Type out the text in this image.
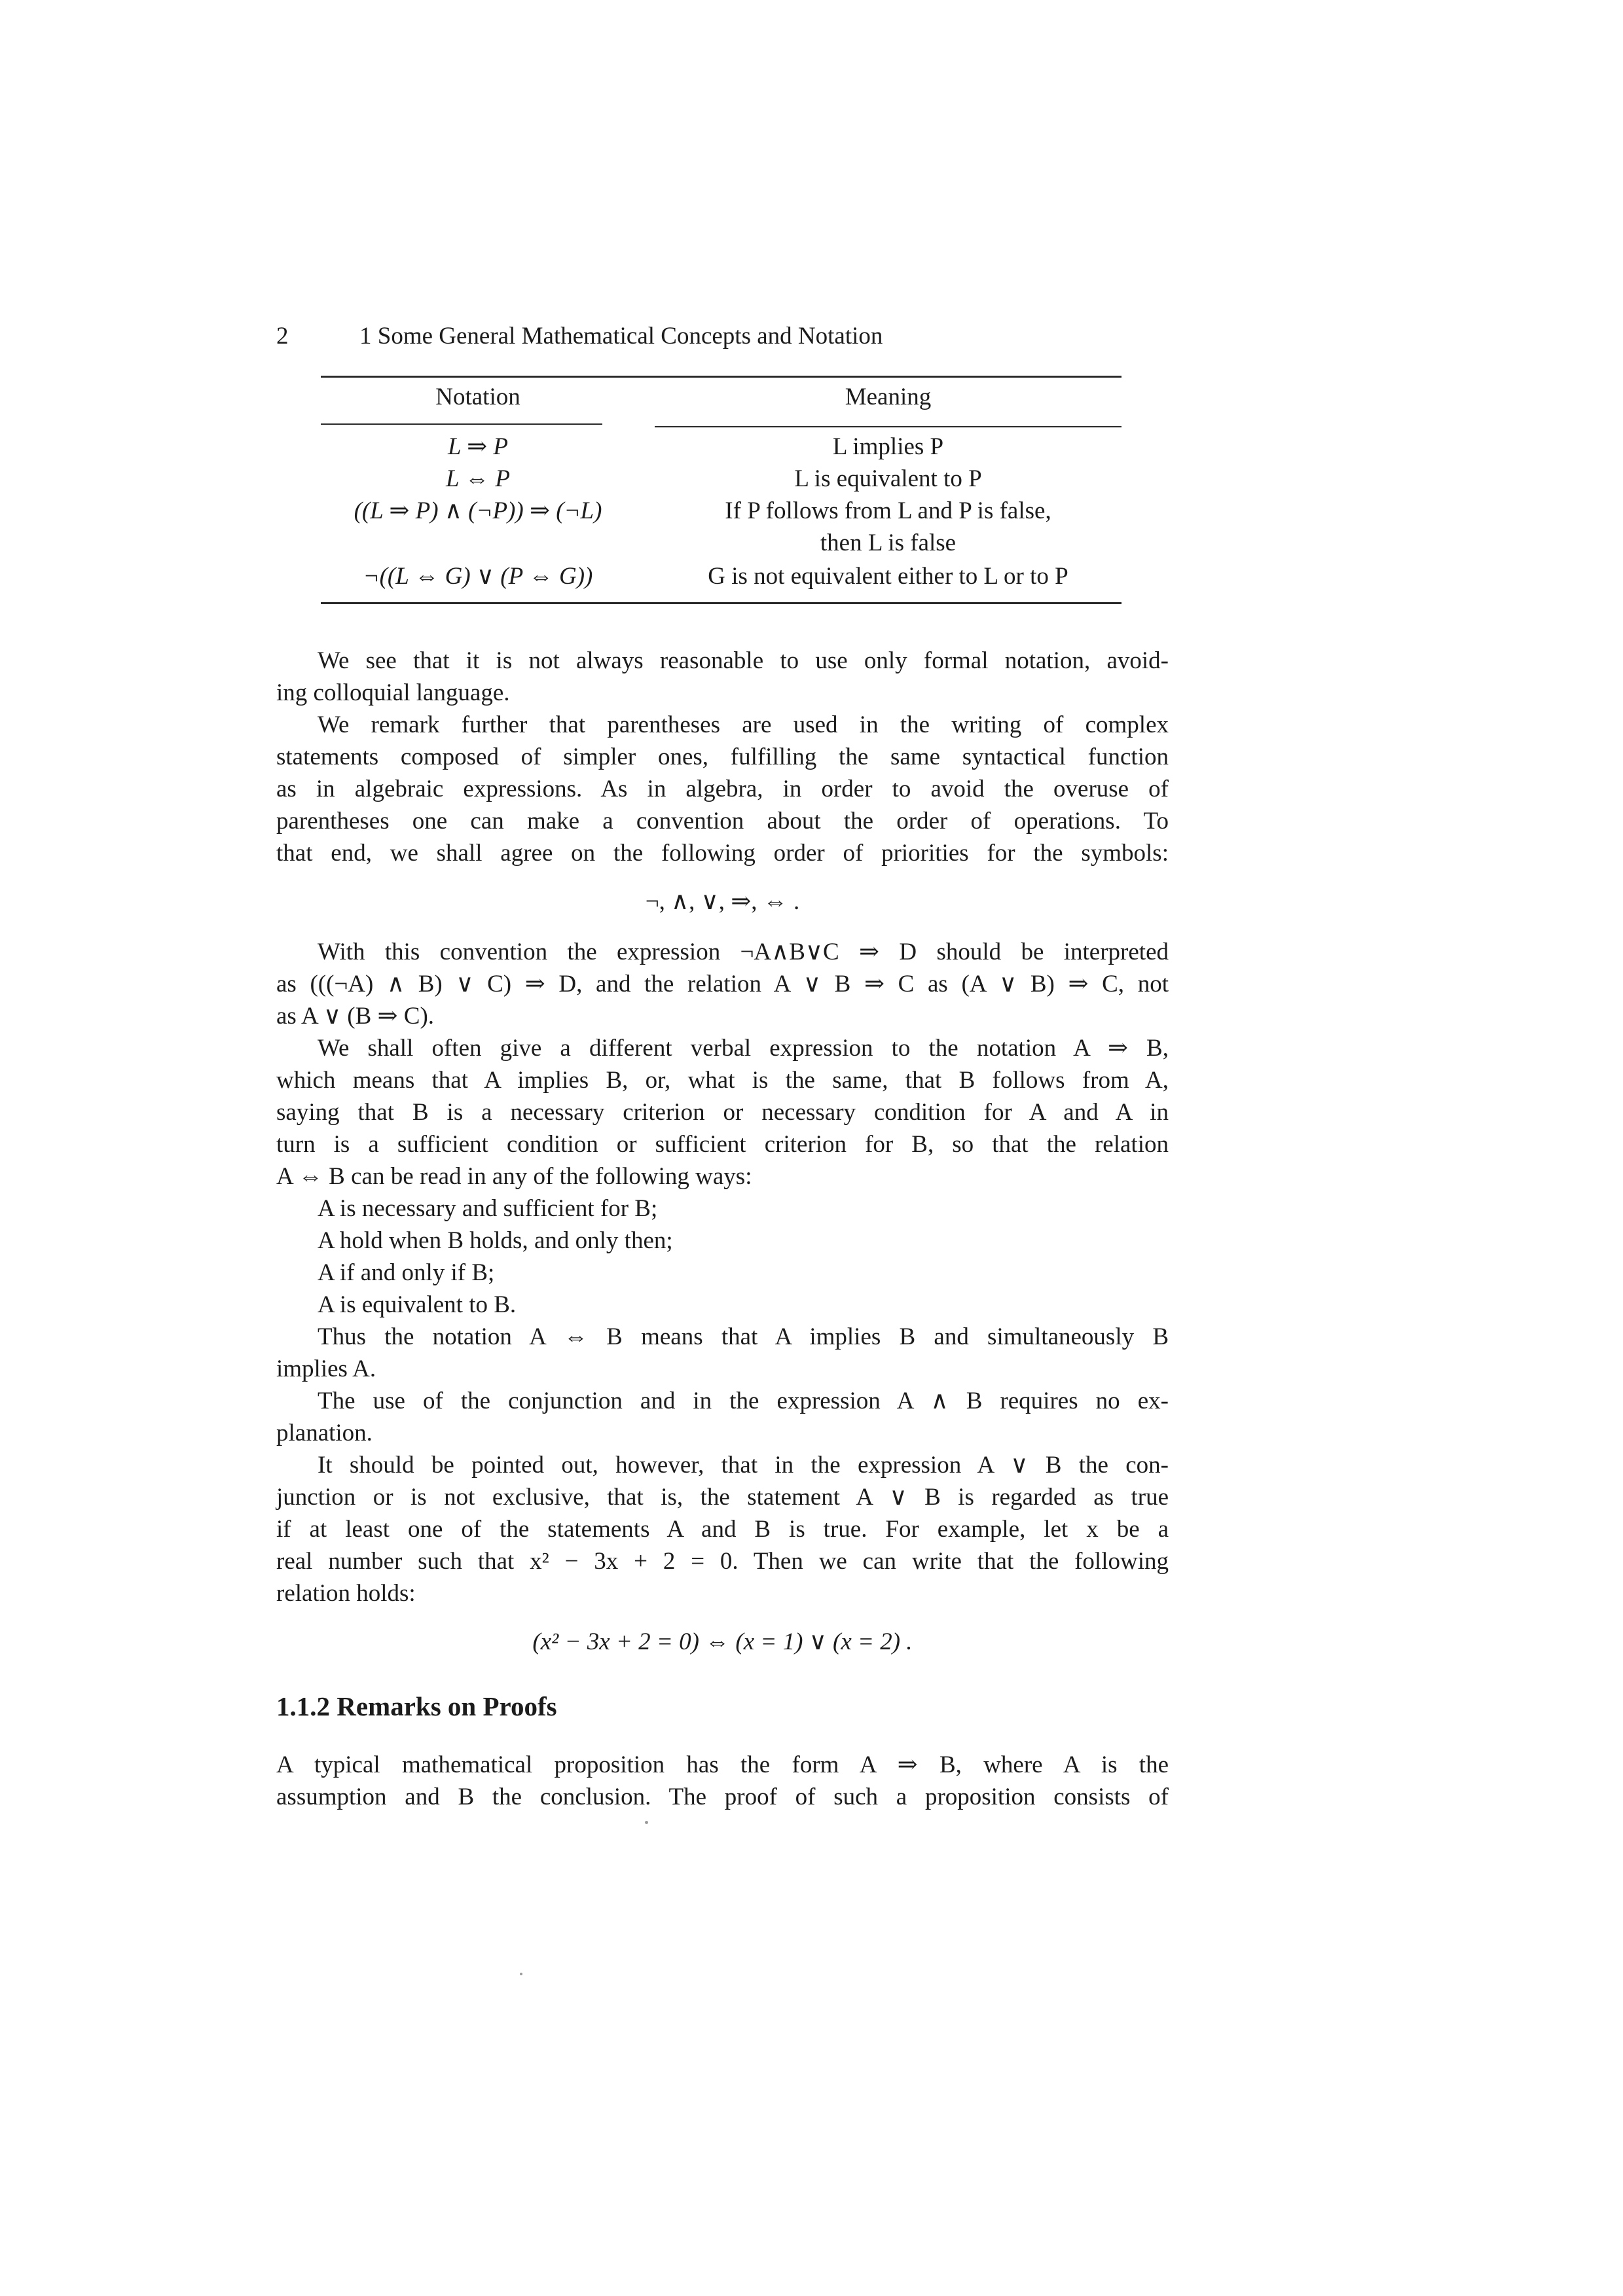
2	1 Some General Mathematical Concepts and Notation
Notation	Meaning
L ⇒ P	L implies P
L ⇔ P	L is equivalent to P
((L ⇒ P) ∧ (¬P)) ⇒ (¬L)	If P follows from L and P is false,
then L is false
¬((L ⇔ G) ∨ (P ⇔ G))	G is not equivalent either to L or to P
We see that it is not always reasonable to use only formal notation, avoid-
ing colloquial language.
We remark further that parentheses are used in the writing of complex
statements composed of simpler ones, fulfilling the same syntactical function
as in algebraic expressions. As in algebra, in order to avoid the overuse of
parentheses one can make a convention about the order of operations. To
that end, we shall agree on the following order of priorities for the symbols:
¬, ∧, ∨, ⇒, ⇔ .
With this convention the expression ¬A∧B∨C ⇒ D should be interpreted
as (((¬A) ∧ B) ∨ C) ⇒ D, and the relation A ∨ B ⇒ C as (A ∨ B) ⇒ C, not
as A ∨ (B ⇒ C).
We shall often give a different verbal expression to the notation A ⇒ B,
which means that A implies B, or, what is the same, that B follows from A,
saying that B is a necessary criterion or necessary condition for A and A in
turn is a sufficient condition or sufficient criterion for B, so that the relation
A ⇔ B can be read in any of the following ways:
A is necessary and sufficient for B;
A hold when B holds, and only then;
A if and only if B;
A is equivalent to B.
Thus the notation A ⇔ B means that A implies B and simultaneously B
implies A.
The use of the conjunction and in the expression A ∧ B requires no ex-
planation.
It should be pointed out, however, that in the expression A ∨ B the con-
junction or is not exclusive, that is, the statement A ∨ B is regarded as true
if at least one of the statements A and B is true. For example, let x be a
real number such that x² − 3x + 2 = 0. Then we can write that the following
relation holds:
(x² − 3x + 2 = 0) ⇔ (x = 1) ∨ (x = 2) .
1.1.2 Remarks on Proofs
A typical mathematical proposition has the form A ⇒ B, where A is the
assumption and B the conclusion. The proof of such a proposition consists of
